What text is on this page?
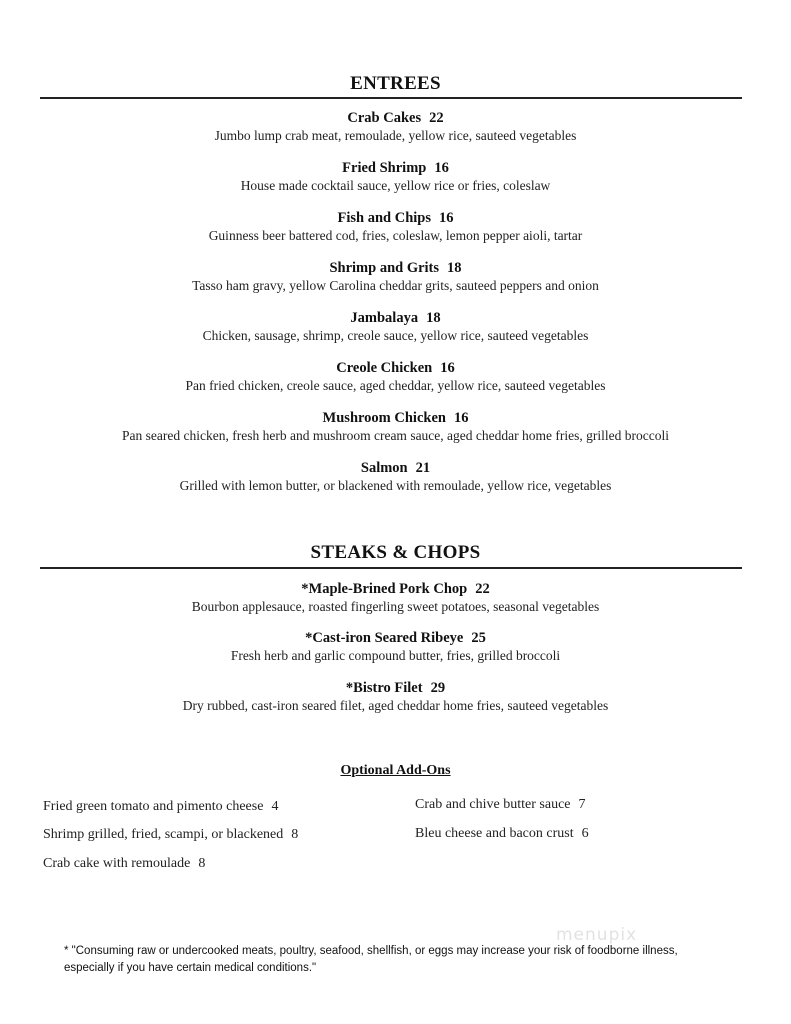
ENTREES
Crab Cakes 22
Jumbo lump crab meat, remoulade, yellow rice, sauteed vegetables
Fried Shrimp 16
House made cocktail sauce, yellow rice or fries, coleslaw
Fish and Chips 16
Guinness beer battered cod, fries, coleslaw, lemon pepper aioli, tartar
Shrimp and Grits 18
Tasso ham gravy, yellow Carolina cheddar grits, sauteed peppers and onion
Jambalaya 18
Chicken, sausage, shrimp, creole sauce, yellow rice, sauteed vegetables
Creole Chicken 16
Pan fried chicken, creole sauce, aged cheddar, yellow rice, sauteed vegetables
Mushroom Chicken 16
Pan seared chicken, fresh herb and mushroom cream sauce, aged cheddar home fries, grilled broccoli
Salmon 21
Grilled with lemon butter, or blackened with remoulade, yellow rice, vegetables
STEAKS & CHOPS
*Maple-Brined Pork Chop 22
Bourbon applesauce, roasted fingerling sweet potatoes, seasonal vegetables
*Cast-iron Seared Ribeye 25
Fresh herb and garlic compound butter, fries, grilled broccoli
*Bistro Filet 29
Dry rubbed, cast-iron seared filet, aged cheddar home fries, sauteed vegetables
Optional Add-Ons
Fried green tomato and pimento cheese 4
Shrimp grilled, fried, scampi, or blackened 8
Crab cake with remoulade 8
Crab and chive butter sauce 7
Bleu cheese and bacon crust 6
menupix
* "Consuming raw or undercooked meats, poultry, seafood, shellfish, or eggs may increase your risk of foodborne illness,
especially if you have certain medical conditions."
